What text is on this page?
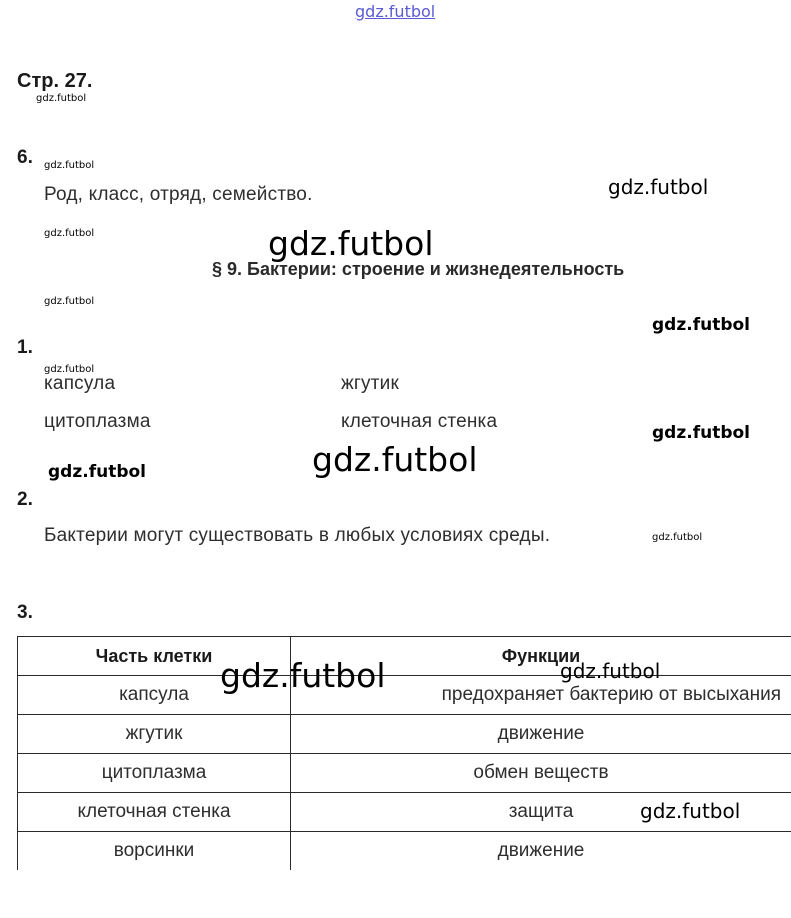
gdz.futbol
Стр. 27.
gdz.futbol
6. gdz.futbol
Род, класс, отряд, семейство.	gdz.futbol
gdz.futbol	gdz.futbol
§ 9. Бактерии: строение и жизнедеятельность
gdz.futbol
gdz.futbol
1.
gdz.futbol
капсула	жгутик
цитоплазма	клеточная стенка
gdz.futbol
gdz.futbol
gdz.futbol
2.
Бактерии могут существовать в любых условиях среды.	gdz.futbol
3.
Часть клетки	Функции
капсула	предохраняет бактерию от высыхания
жгутик	движение
цитоплазма	обмен веществ
клеточная стенка	защита
ворсинки	движение
gdz.futbol	gdz.futbol
gdz.futbol
